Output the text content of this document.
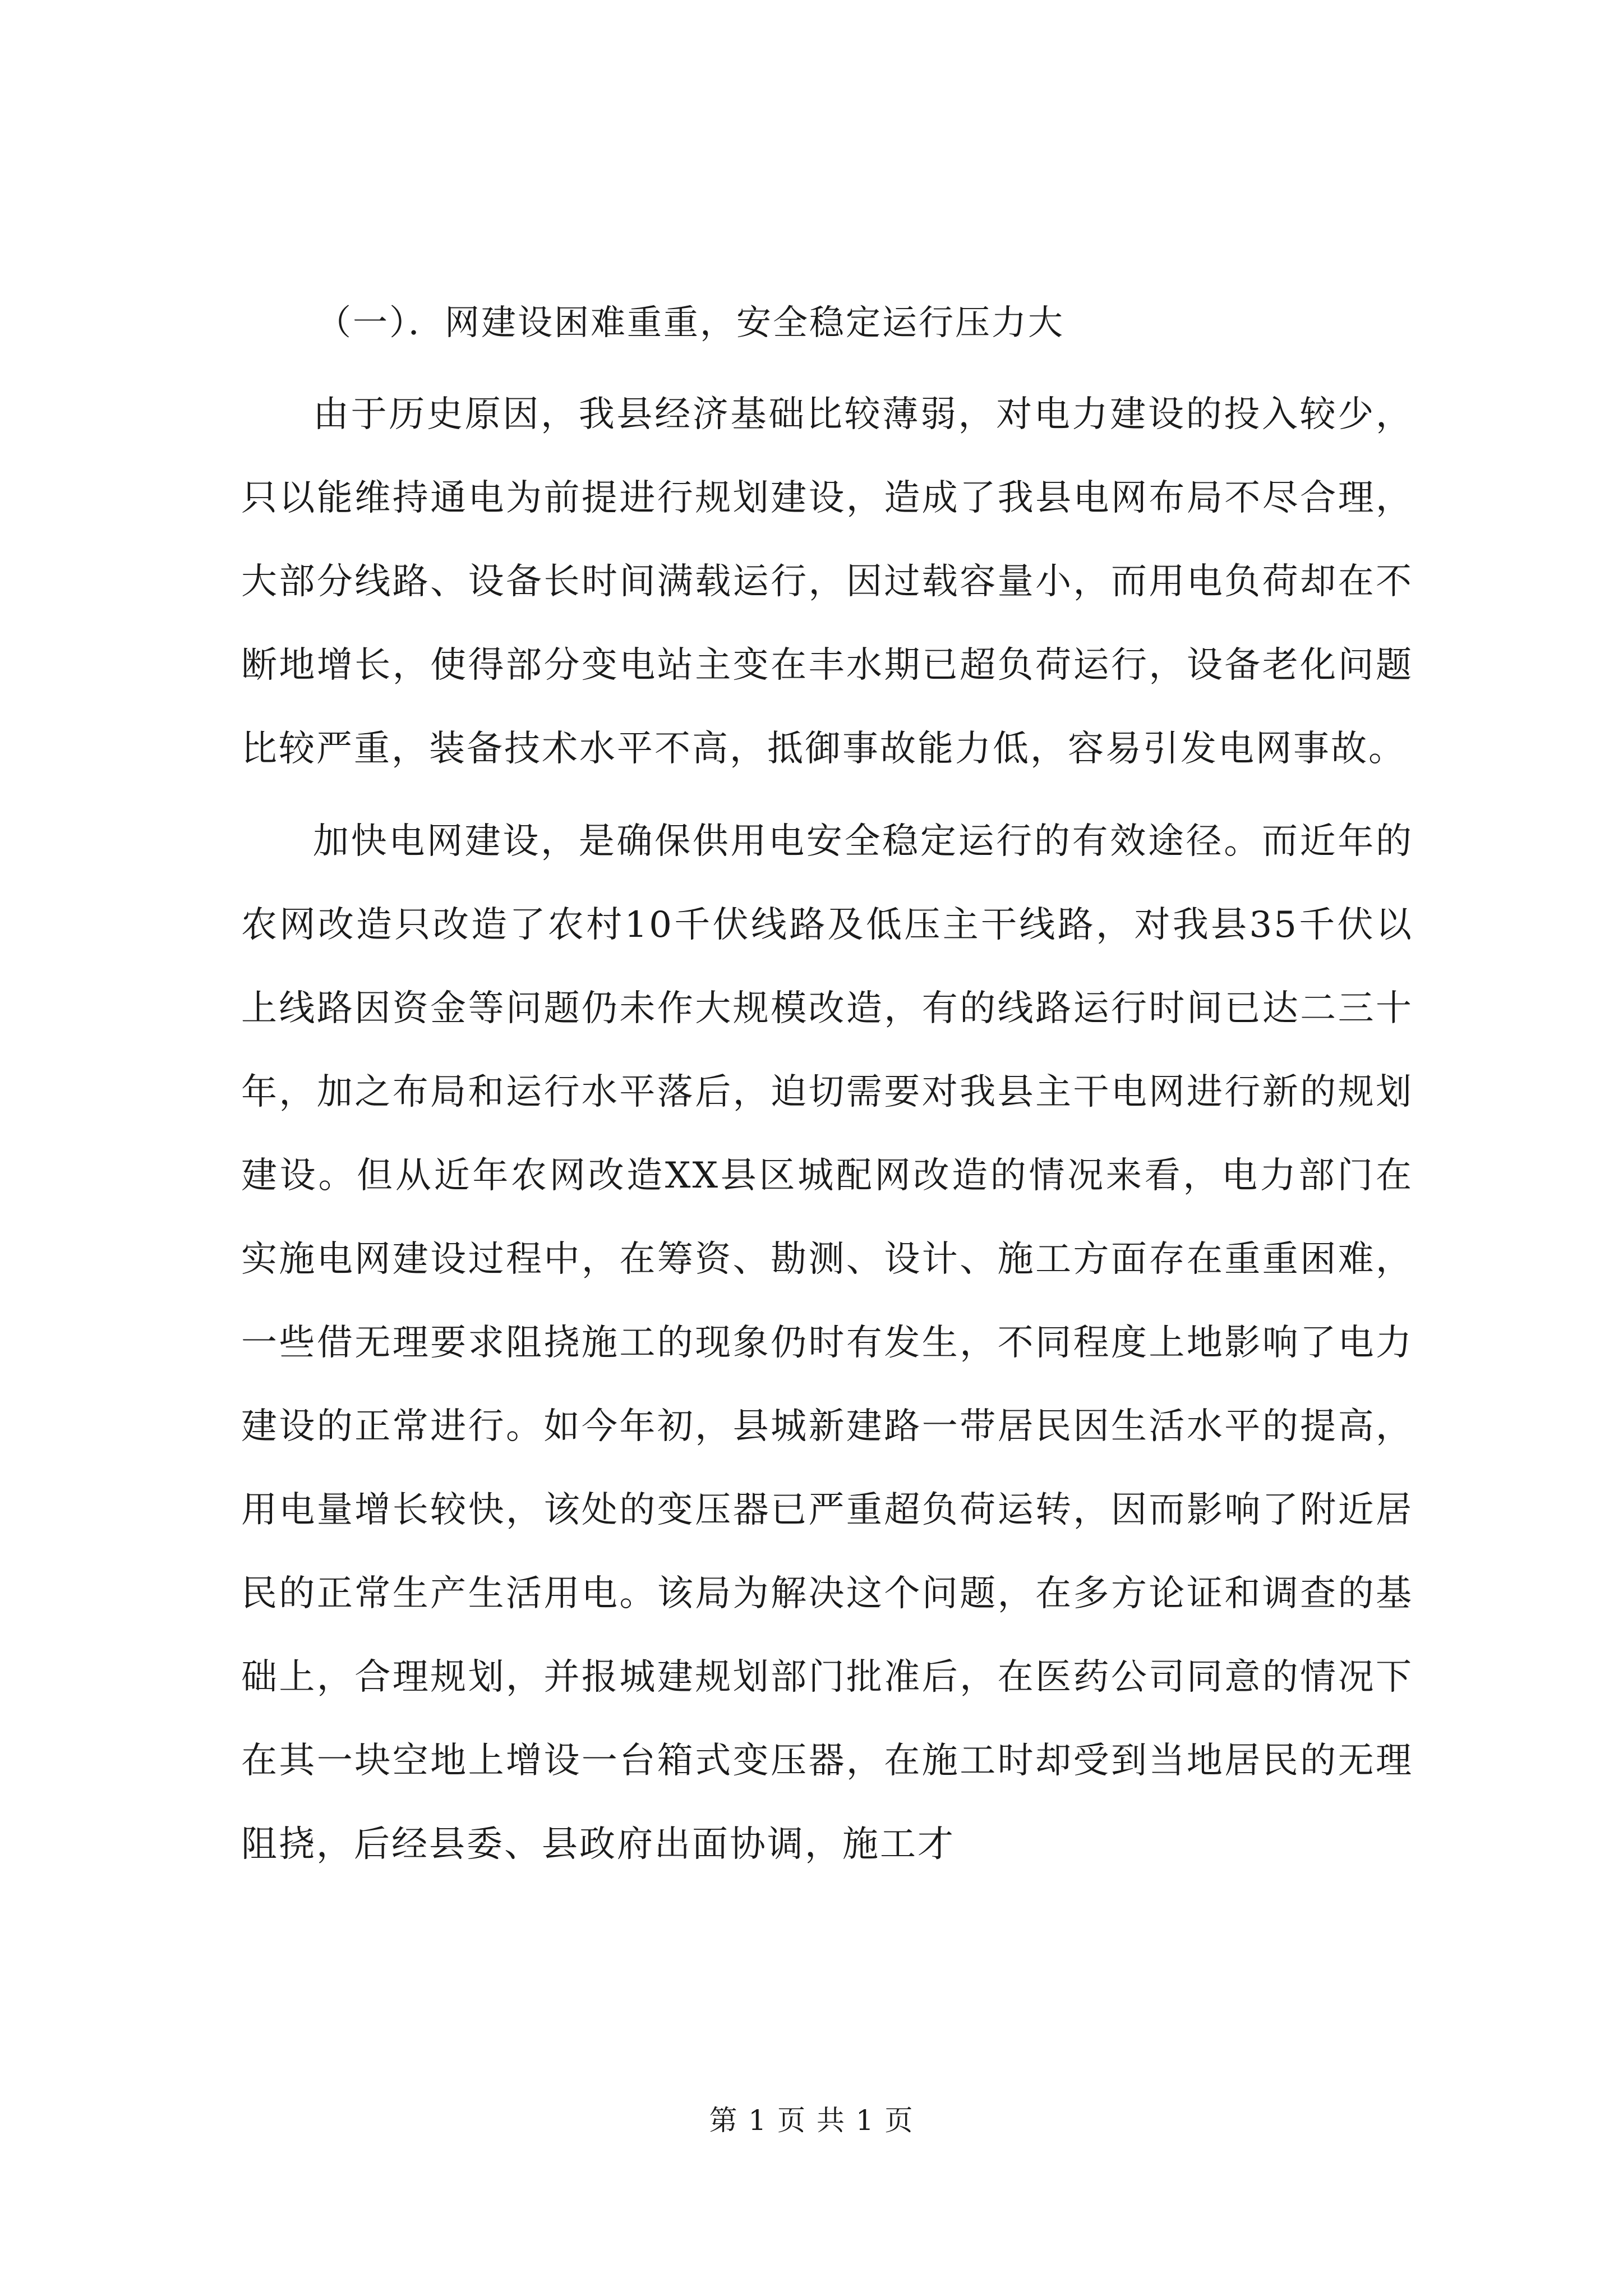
（一）．网建设困难重重，安全稳定运行压力大

由于历史原因，我县经济基础比较薄弱，对电力建设的投入较少，只以能维持通电为前提进行规划建设，造成了我县电网布局不尽合理，大部分线路、设备长时间满载运行，因过载容量小，而用电负荷却在不断地增长，使得部分变电站主变在丰水期已超负荷运行，设备老化问题比较严重，装备技术水平不高，抵御事故能力低，容易引发电网事故。

加快电网建设，是确保供用电安全稳定运行的有效途径。而近年的农网改造只改造了农村10千伏线路及低压主干线路，对我县35千伏以上线路因资金等问题仍未作大规模改造，有的线路运行时间已达二三十年，加之布局和运行水平落后，迫切需要对我县主干电网进行新的规划建设。但从近年农网改造XX县区城配网改造的情况来看，电力部门在实施电网建设过程中，在筹资、勘测、设计、施工方面存在重重困难，一些借无理要求阻挠施工的现象仍时有发生，不同程度上地影响了电力建设的正常进行。如今年初，县城新建路一带居民因生活水平的提高，用电量增长较快，该处的变压器已严重超负荷运转，因而影响了附近居民的正常生产生活用电。该局为解决这个问题，在多方论证和调查的基础上，合理规划，并报城建规划部门批准后，在医药公司同意的情况下在其一块空地上增设一台箱式变压器，在施工时却受到当地居民的无理阻挠，后经县委、县政府出面协调，施工才

第 1 页 共 1 页
